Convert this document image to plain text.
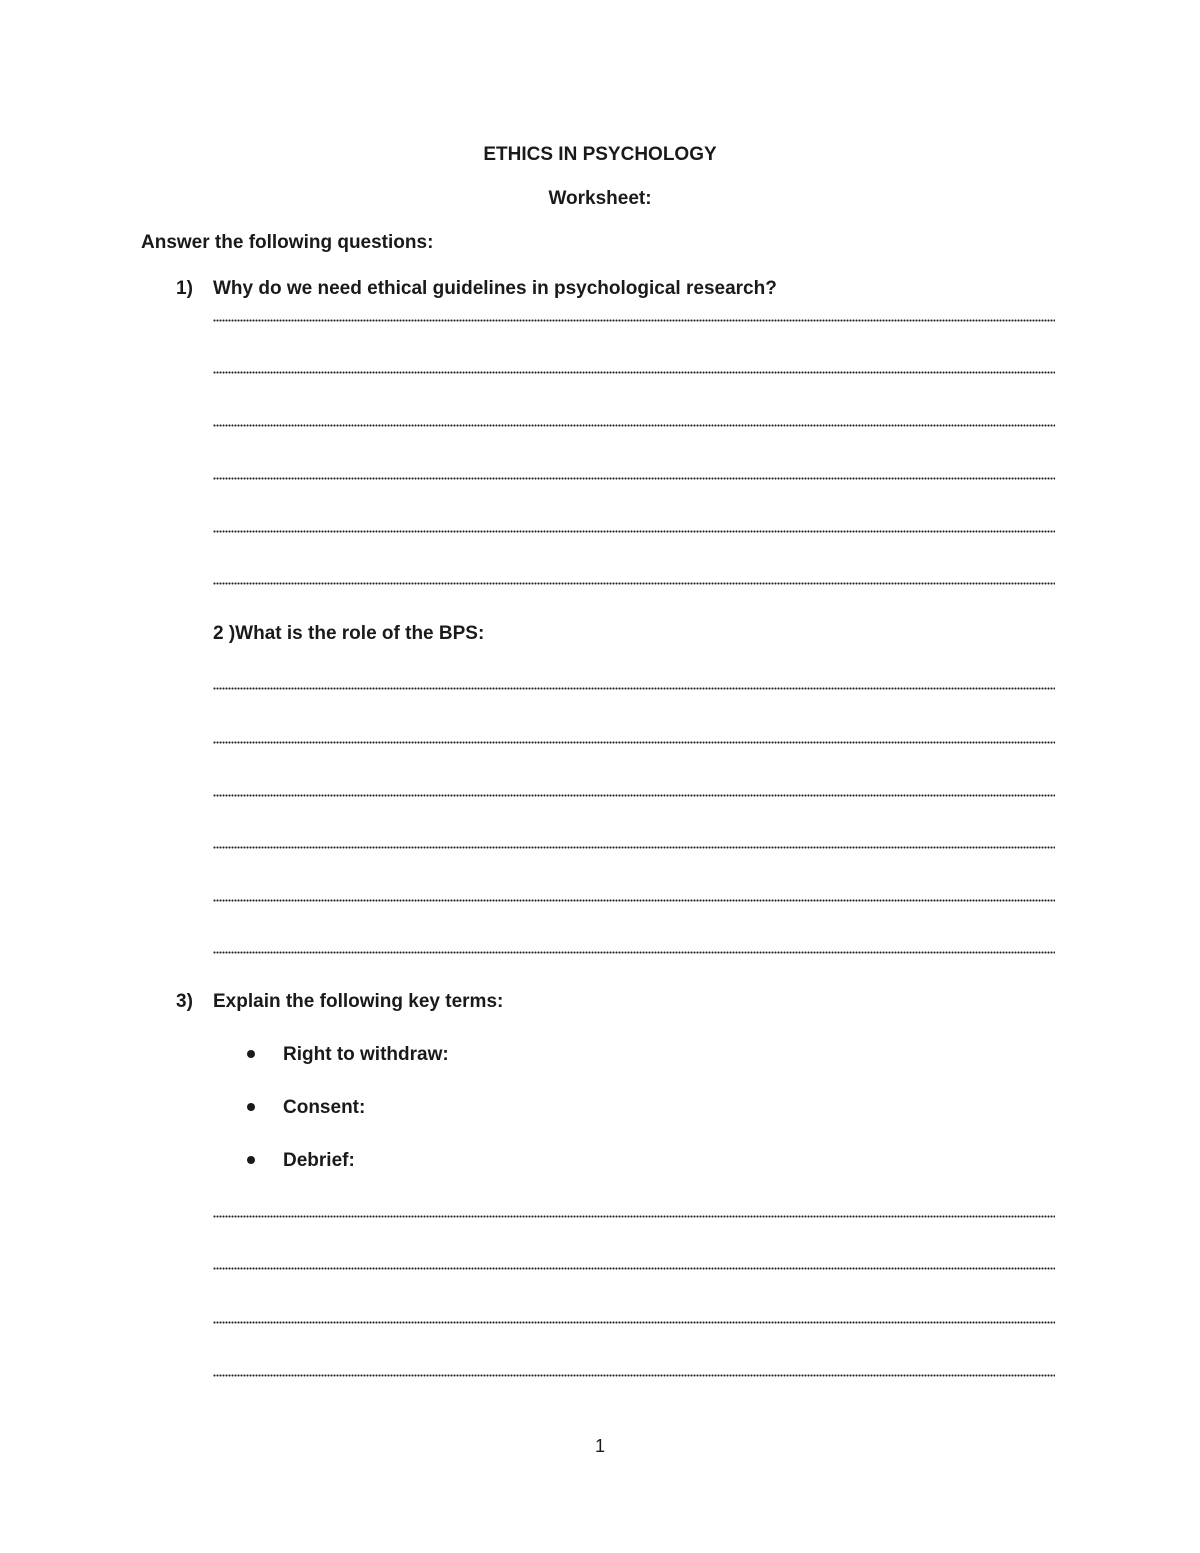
ETHICS IN PSYCHOLOGY
Worksheet:
Answer the following questions:
1) Why do we need ethical guidelines in psychological research?
2 )What is the role of the BPS:
3) Explain the following key terms:
Right to withdraw:
Consent:
Debrief:
1
